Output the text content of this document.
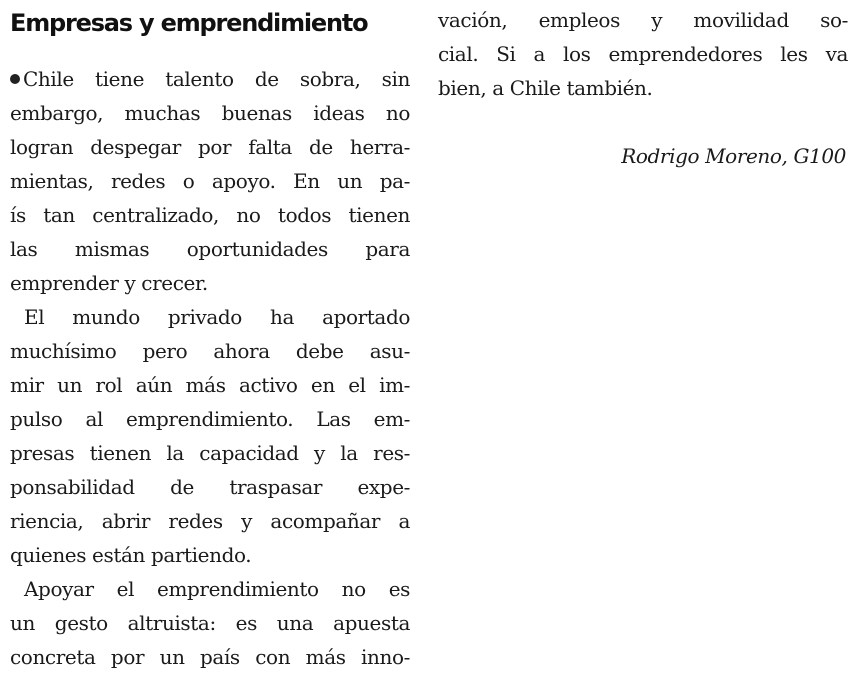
Empresas y emprendimiento
Chile tiene talento de sobra, sin
embargo, muchas buenas ideas no
logran despegar por falta de herra-
mientas, redes o apoyo. En un pa-
ís tan centralizado, no todos tienen
las mismas oportunidades para
emprender y crecer.
El mundo privado ha aportado
muchísimo pero ahora debe asu-
mir un rol aún más activo en el im-
pulso al emprendimiento. Las em-
presas tienen la capacidad y la res-
ponsabilidad de traspasar expe-
riencia, abrir redes y acompañar a
quienes están partiendo.
Apoyar el emprendimiento no es
un gesto altruista: es una apuesta
concreta por un país con más inno-
vación, empleos y movilidad so-
cial. Si a los emprendedores les va
bien, a Chile también.
Rodrigo Moreno, G100
